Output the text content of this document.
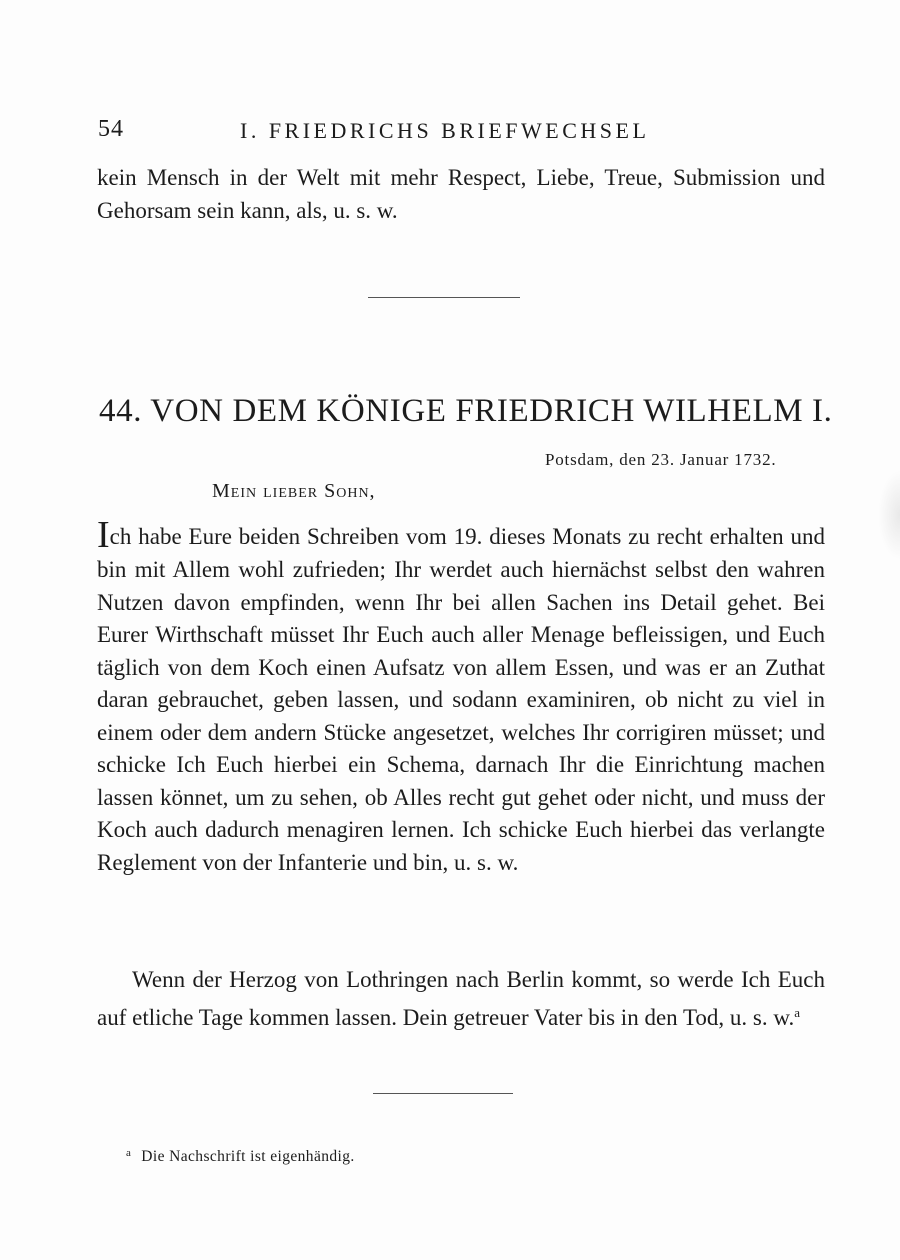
54	I. FRIEDRICHS BRIEFWECHSEL

kein Mensch in der Welt mit mehr Respect, Liebe, Treue, Submission und Gehorsam sein kann, als, u. s. w.

44. VON DEM KÖNIGE FRIEDRICH WILHELM I.
Potsdam, den 23. Januar 1732.
Mein lieber Sohn,

Ich habe Eure beiden Schreiben vom 19. dieses Monats zu recht erhalten und bin mit Allem wohl zufrieden; Ihr werdet auch hiernächst selbst den wahren Nutzen davon empfinden, wenn Ihr bei allen Sachen ins Detail gehet. Bei Eurer Wirthschaft müsset Ihr Euch auch aller Menage befleissigen, und Euch täglich von dem Koch einen Aufsatz von allem Essen, und was er an Zuthat daran gebrauchet, geben lassen, und sodann examiniren, ob nicht zu viel in einem oder dem andern Stücke angesetzet, welches Ihr corrigiren müsset; und schicke Ich Euch hierbei ein Schema, darnach Ihr die Einrichtung machen lassen könnet, um zu sehen, ob Alles recht gut gehet oder nicht, und muss der Koch auch dadurch menagiren lernen. Ich schicke Euch hierbei das verlangte Reglement von der Infanterie und bin, u. s. w.

Wenn der Herzog von Lothringen nach Berlin kommt, so werde Ich Euch auf etliche Tage kommen lassen. Dein getreuer Vater bis in den Tod, u. s. w.$^a$

$^a$ Die Nachschrift ist eigenhändig.
